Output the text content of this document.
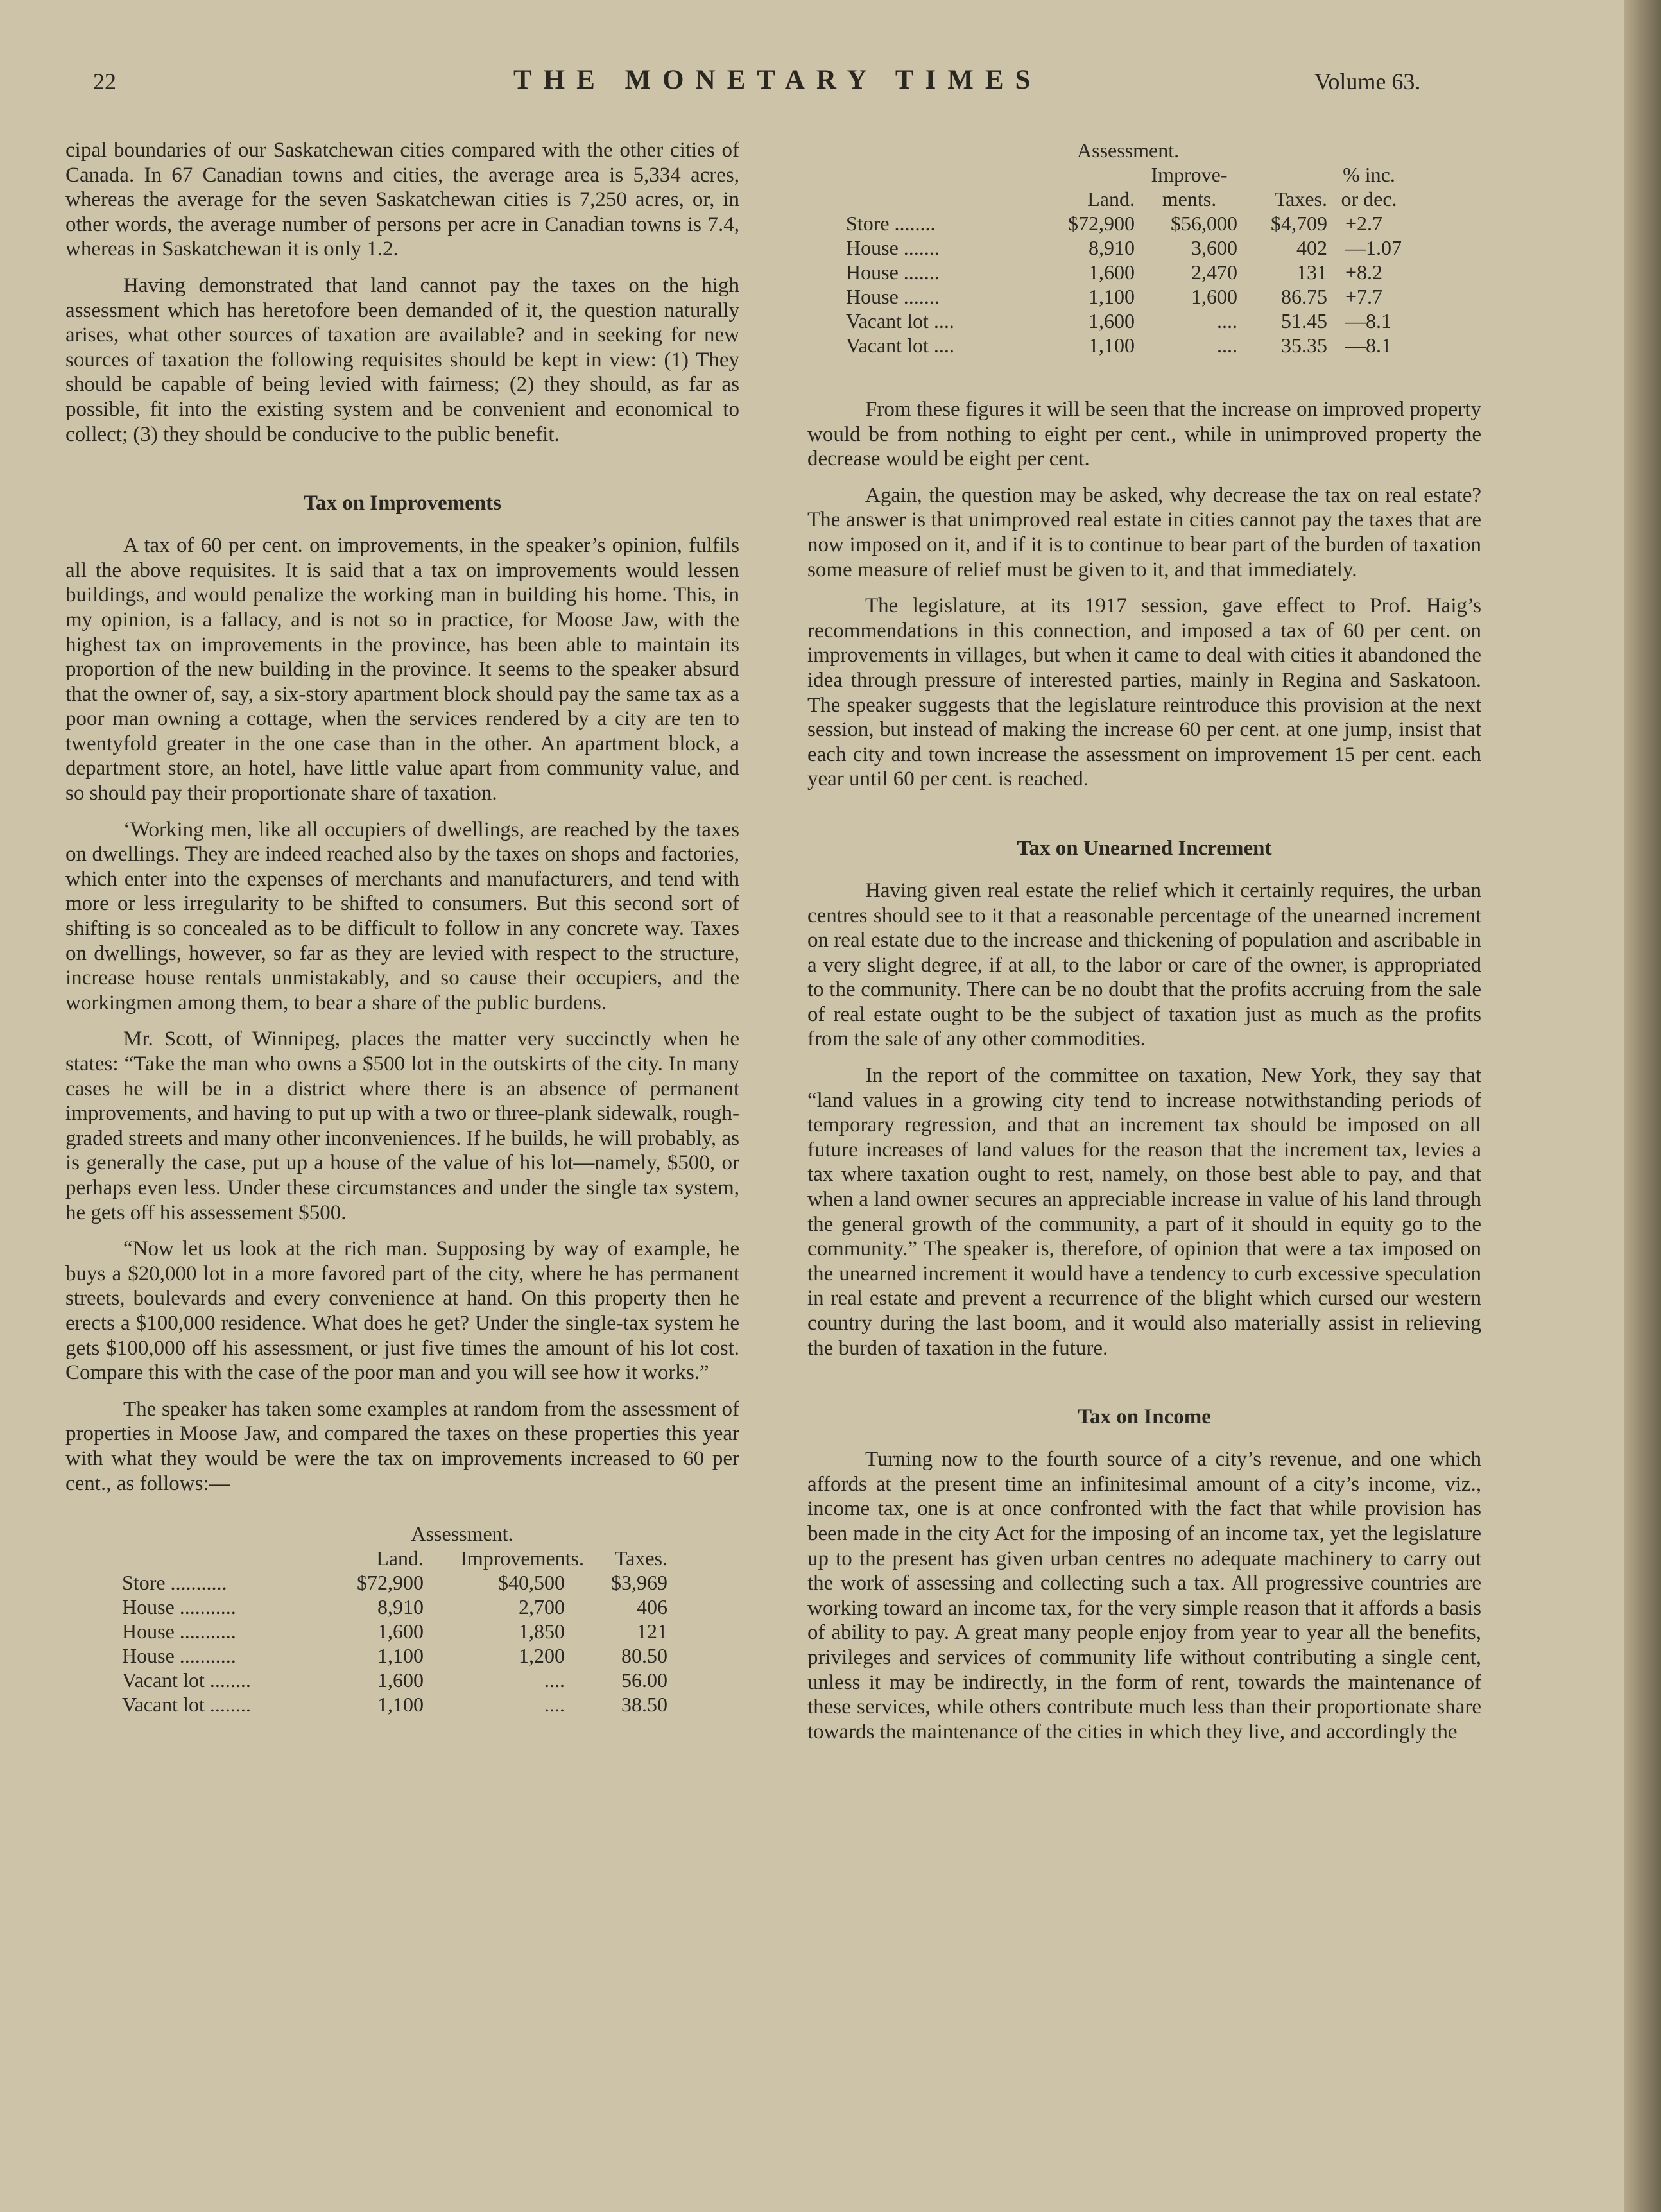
22	THE MONETARY TIMES	Volume 63.

cipal boundaries of our Saskatchewan cities compared with the other cities of Canada. In 67 Canadian towns and cities, the average area is 5,334 acres, whereas the average for the seven Saskatchewan cities is 7,250 acres, or, in other words, the average number of persons per acre in Canadian towns is 7.4, whereas in Saskatchewan it is only 1.2.

Having demonstrated that land cannot pay the taxes on the high assessment which has heretofore been demanded of it, the question naturally arises, what other sources of taxation are available? and in seeking for new sources of taxation the following requisites should be kept in view: (1) They should be capable of being levied with fairness; (2) they should, as far as possible, fit into the existing system and be convenient and economical to collect; (3) they should be conducive to the public benefit.

Tax on Improvements

A tax of 60 per cent. on improvements, in the speaker’s opinion, fulfils all the above requisites. It is said that a tax on improvements would lessen buildings, and would penalize the working man in building his home. This, in my opinion, is a fallacy, and is not so in practice, for Moose Jaw, with the highest tax on improvements in the province, has been able to maintain its proportion of the new building in the province. It seems to the speaker absurd that the owner of, say, a six-story apartment block should pay the same tax as a poor man owning a cottage, when the services rendered by a city are ten to twentyfold greater in the one case than in the other. An apartment block, a department store, an hotel, have little value apart from community value, and so should pay their proportionate share of taxation.

‘Working men, like all occupiers of dwellings, are reached by the taxes on dwellings. They are indeed reached also by the taxes on shops and factories, which enter into the expenses of merchants and manufacturers, and tend with more or less irregularity to be shifted to consumers. But this second sort of shifting is so concealed as to be difficult to follow in any concrete way. Taxes on dwellings, however, so far as they are levied with respect to the structure, increase house rentals unmistakably, and so cause their occupiers, and the workingmen among them, to bear a share of the public burdens.

Mr. Scott, of Winnipeg, places the matter very succinctly when he states: “Take the man who owns a $500 lot in the outskirts of the city. In many cases he will be in a district where there is an absence of permanent improvements, and having to put up with a two or three-plank sidewalk, rough-graded streets and many other inconveniences. If he builds, he will probably, as is generally the case, put up a house of the value of his lot—namely, $500, or perhaps even less. Under these circumstances and under the single tax system, he gets off his assessement $500.

“Now let us look at the rich man. Supposing by way of example, he buys a $20,000 lot in a more favored part of the city, where he has permanent streets, boulevards and every convenience at hand. On this property then he erects a $100,000 residence. What does he get? Under the single-tax system he gets $100,000 off his assessment, or just five times the amount of his lot cost. Compare this with the case of the poor man and you will see how it works.”

The speaker has taken some examples at random from the assessment of properties in Moose Jaw, and compared the taxes on these properties this year with what they would be were the tax on improvements increased to 60 per cent., as follows:—

	Assessment.		
	Land.	Improvements.	Taxes.
Store ...........	$72,900	$40,500	$3,969
House ...........	8,910	2,700	406
House ...........	1,600	1,850	121
House ...........	1,100	1,200	80.50
Vacant lot ........	1,600	....	56.00
Vacant lot ........	1,100	....	38.50
	Assessment.			
		Improve-		% inc.
	Land.	ments.	Taxes.	or dec.
Store ........	$72,900	$56,000	$4,709	+2.7
House .......	8,910	3,600	402	—1.07
House .......	1,600	2,470	131	+8.2
House .......	1,100	1,600	86.75	+7.7
Vacant lot ....	1,600	....	51.45	—8.1
Vacant lot ....	1,100	....	35.35	—8.1

From these figures it will be seen that the increase on improved property would be from nothing to eight per cent., while in unimproved property the decrease would be eight per cent.

Again, the question may be asked, why decrease the tax on real estate? The answer is that unimproved real estate in cities cannot pay the taxes that are now imposed on it, and if it is to continue to bear part of the burden of taxation some measure of relief must be given to it, and that immediately.

The legislature, at its 1917 session, gave effect to Prof. Haig’s recommendations in this connection, and imposed a tax of 60 per cent. on improvements in villages, but when it came to deal with cities it abandoned the idea through pressure of interested parties, mainly in Regina and Saskatoon. The speaker suggests that the legislature reintroduce this provision at the next session, but instead of making the increase 60 per cent. at one jump, insist that each city and town increase the assessment on improvement 15 per cent. each year until 60 per cent. is reached.

Tax on Unearned Increment

Having given real estate the relief which it certainly requires, the urban centres should see to it that a reasonable percentage of the unearned increment on real estate due to the increase and thickening of population and ascribable in a very slight degree, if at all, to the labor or care of the owner, is appropriated to the community. There can be no doubt that the profits accruing from the sale of real estate ought to be the subject of taxation just as much as the profits from the sale of any other commodities.

In the report of the committee on taxation, New York, they say that “land values in a growing city tend to increase notwithstanding periods of temporary regression, and that an increment tax should be imposed on all future increases of land values for the reason that the increment tax, levies a tax where taxation ought to rest, namely, on those best able to pay, and that when a land owner secures an appreciable increase in value of his land through the general growth of the community, a part of it should in equity go to the community.” The speaker is, therefore, of opinion that were a tax imposed on the unearned increment it would have a tendency to curb excessive speculation in real estate and prevent a recurrence of the blight which cursed our western country during the last boom, and it would also materially assist in relieving the burden of taxation in the future.

Tax on Income

Turning now to the fourth source of a city’s revenue, and one which affords at the present time an infinitesimal amount of a city’s income, viz., income tax, one is at once confronted with the fact that while provision has been made in the city Act for the imposing of an income tax, yet the legislature up to the present has given urban centres no adequate machinery to carry out the work of assessing and collecting such a tax. All progressive countries are working toward an income tax, for the very simple reason that it affords a basis of ability to pay. A great many people enjoy from year to year all the benefits, privileges and services of community life without contributing a single cent, unless it may be indirectly, in the form of rent, towards the maintenance of these services, while others contribute much less than their proportionate share towards the maintenance of the cities in which they live, and accordingly the
